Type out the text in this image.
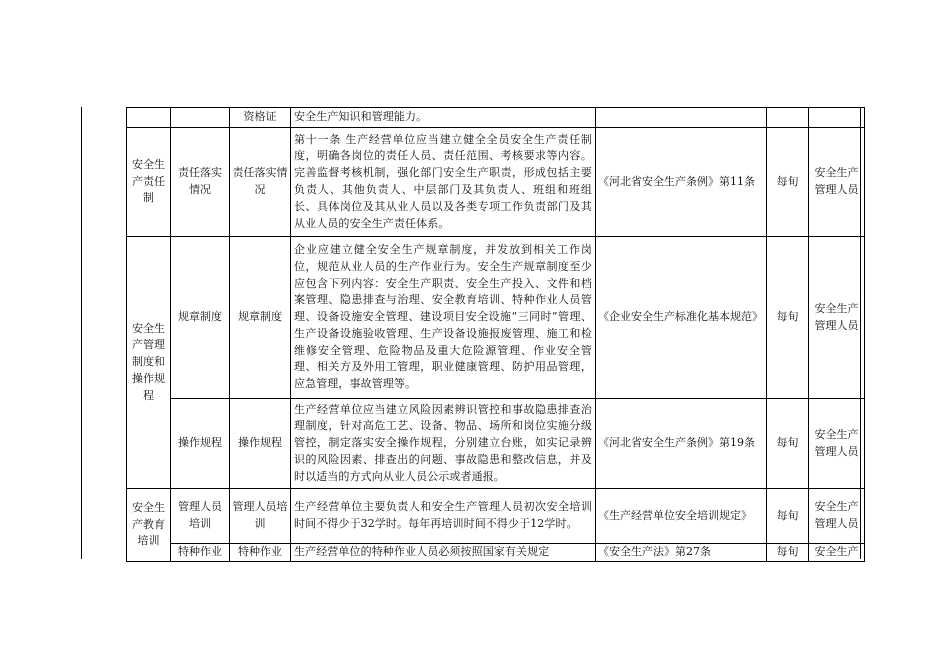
		资格证	安全生产知识和管理能力。			
安全生产责任制	责任落实情况	责任落实情况	第十一条 生产经营单位应当建立健全全员安全生产责任制度，明确各岗位的责任人员、责任范围、考核要求等内容。完善监督考核机制，强化部门安全生产职责，形成包括主要负责人、其他负责人、中层部门及其负责人、班组和班组长、具体岗位及其从业人员以及各类专项工作负责部门及其从业人员的安全生产责任体系。	《河北省安全生产条例》第11条	每旬	安全生产管理人员
安全生产管理制度和操作规程	规章制度	规章制度	企业应建立健全安全生产规章制度，并发放到相关工作岗位，规范从业人员的生产作业行为。安全生产规章制度至少应包含下列内容：安全生产职责、安全生产投入、文件和档案管理、隐患排查与治理、安全教育培训、特种作业人员管理、设备设施安全管理、建设项目安全设施“三同时”管理、生产设备设施验收管理、生产设备设施报废管理、施工和检维修安全管理、危险物品及重大危险源管理、作业安全管理、相关方及外用工管理，职业健康管理、防护用品管理，应急管理，事故管理等。	《企业安全生产标准化基本规范》	每旬	安全生产管理人员
	操作规程	操作规程	生产经营单位应当建立风险因素辨识管控和事故隐患排查治理制度，针对高危工艺、设备、物品、场所和岗位实施分级管控，制定落实安全操作规程，分别建立台账，如实记录辨识的风险因素、排查出的问题、事故隐患和整改信息，并及时以适当的方式向从业人员公示或者通报。	《河北省安全生产条例》第19条	每旬	安全生产管理人员
安全生产教育培训	管理人员培训	管理人员培训	生产经营单位主要负责人和安全生产管理人员初次安全培训时间不得少于32学时。每年再培训时间不得少于12学时。	《生产经营单位安全培训规定》	每旬	安全生产管理人员
	特种作业	特种作业	生产经营单位的特种作业人员必须按照国家有关规定	《安全生产法》第27条	每旬	安全生产
